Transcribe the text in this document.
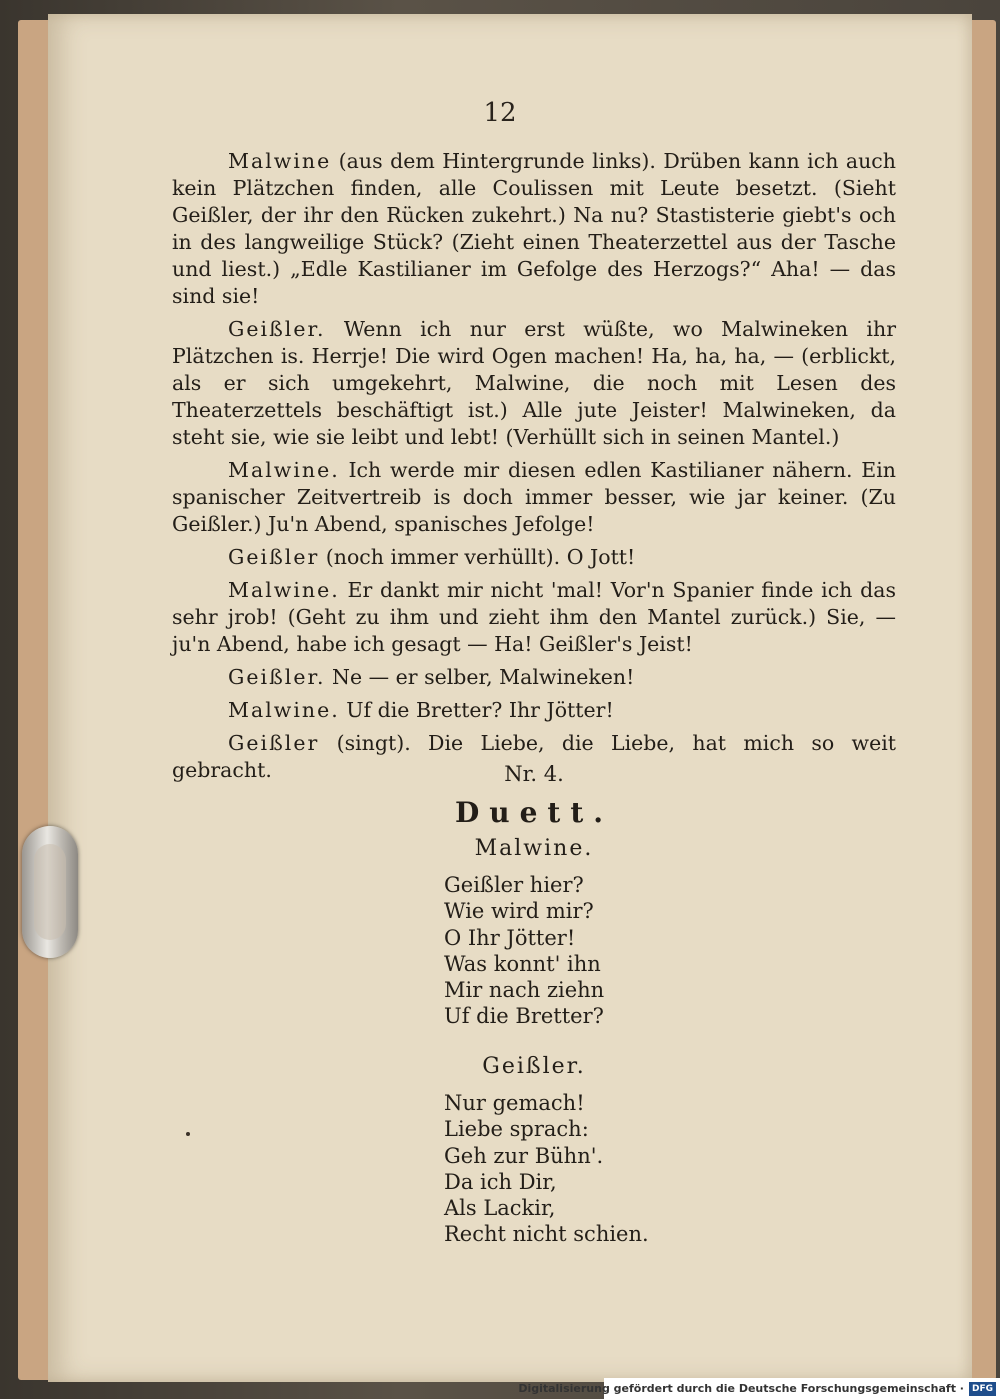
12

Malwine (aus dem Hintergrunde links). Drüben kann ich auch kein Plätzchen finden, alle Coulissen mit Leute besetzt. (Sieht Geißler, der ihr den Rücken zukehrt.) Na nu? Stastisterie giebt's och in des langweilige Stück? (Zieht einen Theaterzettel aus der Tasche und liest.) „Edle Kastilianer im Gefolge des Herzogs?“ Aha! — das sind sie!

Geißler. Wenn ich nur erst wüßte, wo Malwineken ihr Plätzchen is. Herrje! Die wird Ogen machen! Ha, ha, ha, — (erblickt, als er sich umgekehrt, Malwine, die noch mit Lesen des Theaterzettels beschäftigt ist.) Alle jute Jeister! Malwineken, da steht sie, wie sie leibt und lebt! (Verhüllt sich in seinen Mantel.)

Malwine. Ich werde mir diesen edlen Kastilianer nähern. Ein spanischer Zeitvertreib is doch immer besser, wie jar keiner. (Zu Geißler.) Ju'n Abend, spanisches Jefolge!

Geißler (noch immer verhüllt). O Jott!

Malwine. Er dankt mir nicht 'mal! Vor'n Spanier finde ich das sehr jrob! (Geht zu ihm und zieht ihm den Mantel zurück.) Sie, — ju'n Abend, habe ich gesagt — Ha! Geißler's Jeist!

Geißler. Ne — er selber, Malwineken!

Malwine. Uf die Bretter? Ihr Jötter!

Geißler (singt). Die Liebe, die Liebe, hat mich so weit gebracht.	Nr. 4.
Duett.
Malwine.
Geißler hier?
Wie wird mir?
O Ihr Jötter!
Was konnt' ihn
Mir nach ziehn
Uf die Bretter?
Geißler.
Nur gemach!
Liebe sprach:
Geh zur Bühn'.
Da ich Dir,
Als Lackir,
Recht nicht schien.
Digitalisierung gefördert durch die Deutsche Forschungsgemeinschaft · DFG
